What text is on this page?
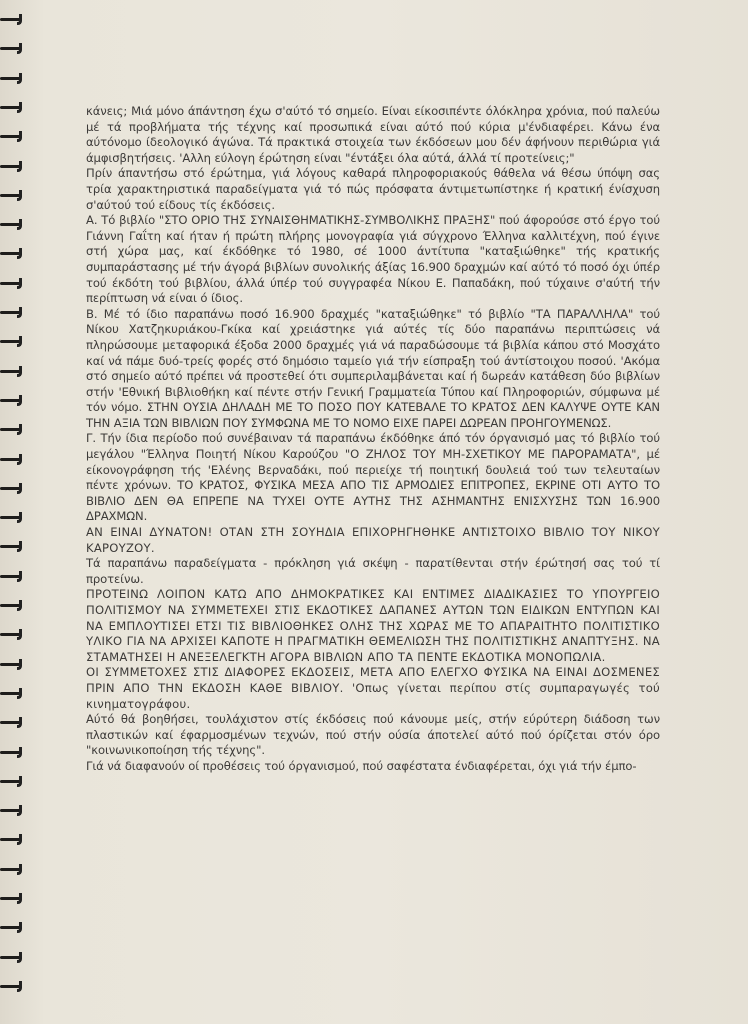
κάνεις; Μιά μόνο άπάντηση έχω σ'αύτό τό σημείο. Είναι είκοσιπέντε όλόκληρα χρόνια, πού παλεύω μέ τά προβλήματα τής τέχνης καί προσωπικά είναι αύτό πού κύρια μ'ένδιαφέρει. Κάνω ένα αύτόνομο ίδεολογικό άγώνα. Τά πρακτικά στοιχεία των έκδόσεων μου δέν άφήνουν περιθώρια γιά άμφισβητήσεις. 'Αλλη εύλογη έρώτηση είναι "έντάξει όλα αύτά, άλλά τί προτείνεις;"

Πρίν άπαντήσω στό έρώτημα, γιά λόγους καθαρά πληροφοριακούς θάθελα νά θέσω ύπόψη σας τρία χαρακτηριστικά παραδείγματα γιά τό πώς πρόσφατα άντιμετωπίστηκε ή κρατική ένίσχυση σ'αύτού τού είδους τίς έκδόσεις.

Α. Τό βιβλίο "ΣΤΟ ΟΡΙΟ ΤΗΣ ΣΥΝΑΙΣΘΗΜΑΤΙΚΗΣ-ΣΥΜΒΟΛΙΚΗΣ ΠΡΑΞΗΣ" πού άφορούσε στό έργο τού Γιάννη Γαΐτη καί ήταν ή πρώτη πλήρης μονογραφία γιά σύγχρονο Έλληνα καλλιτέχνη, πού έγινε στή χώρα μας, καί έκδόθηκε τό 1980, σέ 1000 άντίτυπα "καταξιώθηκε" τής κρατικής συμπαράστασης μέ τήν άγορά βιβλίων συνολικής άξίας 16.900 δραχμών καί αύτό τό ποσό όχι ύπέρ τού έκδότη τού βιβλίου, άλλά ύπέρ τού συγγραφέα Νίκου Ε. Παπαδάκη, πού τύχαινε σ'αύτή τήν περίπτωση νά είναι ό ίδιος.

Β. Μέ τό ίδιο παραπάνω ποσό 16.900 δραχμές "καταξιώθηκε" τό βιβλίο "ΤΑ ΠΑΡΑΛΛΗΛΑ" τού Νίκου Χατζηκυριάκου-Γκίκα καί χρειάστηκε γιά αύτές τίς δύο παραπάνω περιπτώσεις νά πληρώσουμε μεταφορικά έξοδα 2000 δραχμές γιά νά παραδώσουμε τά βιβλία κάπου στό Μοσχάτο καί νά πάμε δυό-τρείς φορές στό δημόσιο ταμείο γιά τήν είσπραξη τού άντίστοιχου ποσού. 'Ακόμα στό σημείο αύτό πρέπει νά προστεθεί ότι συμπεριλαμβάνεται καί ή δωρεάν κατάθεση δύο βιβλίων στήν 'Εθνική Βιβλιοθήκη καί πέντε στήν Γενική Γραμματεία Τύπου καί Πληροφοριών, σύμφωνα μέ τόν νόμο. ΣΤΗΝ ΟΥΣΙΑ ΔΗΛΑΔΗ ΜΕ ΤΟ ΠΟΣΟ ΠΟΥ ΚΑΤΕΒΑΛΕ ΤΟ ΚΡΑΤΟΣ ΔΕΝ ΚΑΛΥΨΕ ΟΥΤΕ ΚΑΝ ΤΗΝ ΑΞΙΑ ΤΩΝ ΒΙΒΛΙΩΝ ΠΟΥ ΣΥΜΦΩΝΑ ΜΕ ΤΟ ΝΟΜΟ ΕΙΧΕ ΠΑΡΕΙ ΔΩΡΕΑΝ ΠΡΟΗΓΟΥΜΕΝΩΣ.

Γ. Τήν ίδια περίοδο πού συνέβαιναν τά παραπάνω έκδόθηκε άπό τόν όργανισμό μας τό βιβλίο τού μεγάλου "Έλληνα Ποιητή Νίκου Καρούζου "Ο ΖΗΛΟΣ ΤΟΥ ΜΗ-ΣΧΕΤΙΚΟΥ ΜΕ ΠΑΡΟΡΑΜΑΤΑ", μέ είκονογράφηση τής 'Ελένης Βερναδάκι, πού περιείχε τή ποιητική δουλειά τού των τελευταίων πέντε χρόνων. ΤΟ ΚΡΑΤΟΣ, ΦΥΣΙΚΑ ΜΕΣΑ ΑΠΟ ΤΙΣ ΑΡΜΟΔΙΕΣ ΕΠΙΤΡΟΠΕΣ, ΕΚΡΙΝΕ ΟΤΙ ΑΥΤΟ ΤΟ ΒΙΒΛΙΟ ΔΕΝ ΘΑ ΕΠΡΕΠΕ ΝΑ ΤΥΧΕΙ ΟΥΤΕ ΑΥΤΗΣ ΤΗΣ ΑΣΗΜΑΝΤΗΣ ΕΝΙΣΧΥΣΗΣ ΤΩΝ 16.900 ΔΡΑΧΜΩΝ.

ΑΝ ΕΙΝΑΙ ΔΥΝΑΤΟΝ! ΟΤΑΝ ΣΤΗ ΣΟΥΗΔΙΑ ΕΠΙΧΟΡΗΓΗΘΗΚΕ ΑΝΤΙΣΤΟΙΧΟ ΒΙΒΛΙΟ ΤΟΥ ΝΙΚΟΥ ΚΑΡΟΥΖΟΥ.

Τά παραπάνω παραδείγματα - πρόκληση γιά σκέψη - παρατίθενται στήν έρώτησή σας τού τί προτείνω.

ΠΡΟΤΕΙΝΩ ΛΟΙΠΟΝ ΚΑΤΩ ΑΠΟ ΔΗΜΟΚΡΑΤΙΚΕΣ ΚΑΙ ΕΝΤΙΜΕΣ ΔΙΑΔΙΚΑΣΙΕΣ ΤΟ ΥΠΟΥΡΓΕΙΟ ΠΟΛΙΤΙΣΜΟΥ ΝΑ ΣΥΜΜΕΤΕΧΕΙ ΣΤΙΣ ΕΚΔΟΤΙΚΕΣ ΔΑΠΑΝΕΣ ΑΥΤΩΝ ΤΩΝ ΕΙΔΙΚΩΝ ΕΝΤΥΠΩΝ ΚΑΙ ΝΑ ΕΜΠΛΟΥΤΙΣΕΙ ΕΤΣΙ ΤΙΣ ΒΙΒΛΙΟΘΗΚΕΣ ΟΛΗΣ ΤΗΣ ΧΩΡΑΣ ΜΕ ΤΟ ΑΠΑΡΑΙΤΗΤΟ ΠΟΛΙΤΙΣΤΙΚΟ ΥΛΙΚΟ ΓΙΑ ΝΑ ΑΡΧΙΣΕΙ ΚΑΠΟΤΕ Η ΠΡΑΓΜΑΤΙΚΗ ΘΕΜΕΛΙΩΣΗ ΤΗΣ ΠΟΛΙΤΙΣΤΙΚΗΣ ΑΝΑΠΤΥΞΗΣ. ΝΑ ΣΤΑΜΑΤΗΣΕΙ Η ΑΝΕΞΕΛΕΓΚΤΗ ΑΓΟΡΑ ΒΙΒΛΙΩΝ ΑΠΟ ΤΑ ΠΕΝΤΕ ΕΚΔΟΤΙΚΑ ΜΟΝΟΠΩΛΙΑ.

ΟΙ ΣΥΜΜΕΤΟΧΕΣ ΣΤΙΣ ΔΙΑΦΟΡΕΣ ΕΚΔΟΣΕΙΣ, ΜΕΤΑ ΑΠΟ ΕΛΕΓΧΟ ΦΥΣΙΚΑ ΝΑ ΕΙΝΑΙ ΔΟΣΜΕΝΕΣ ΠΡΙΝ ΑΠΟ ΤΗΝ ΕΚΔΟΣΗ ΚΑΘΕ ΒΙΒΛΙΟΥ. 'Οπως γίνεται περίπου στίς συμπαραγωγές τού κινηματογράφου.

Αύτό θά βοηθήσει, τουλάχιστον στίς έκδόσεις πού κάνουμε μείς, στήν εύρύτερη διάδοση των πλαστικών καί έφαρμοσμένων τεχνών, πού στήν ούσία άποτελεί αύτό πού όρίζεται στόν όρο "κοινωνικοποίηση τής τέχνης".

Γιά νά διαφανούν οί προθέσεις τού όργανισμού, πού σαφέστατα ένδιαφέρεται, όχι γιά τήν έμπο-
